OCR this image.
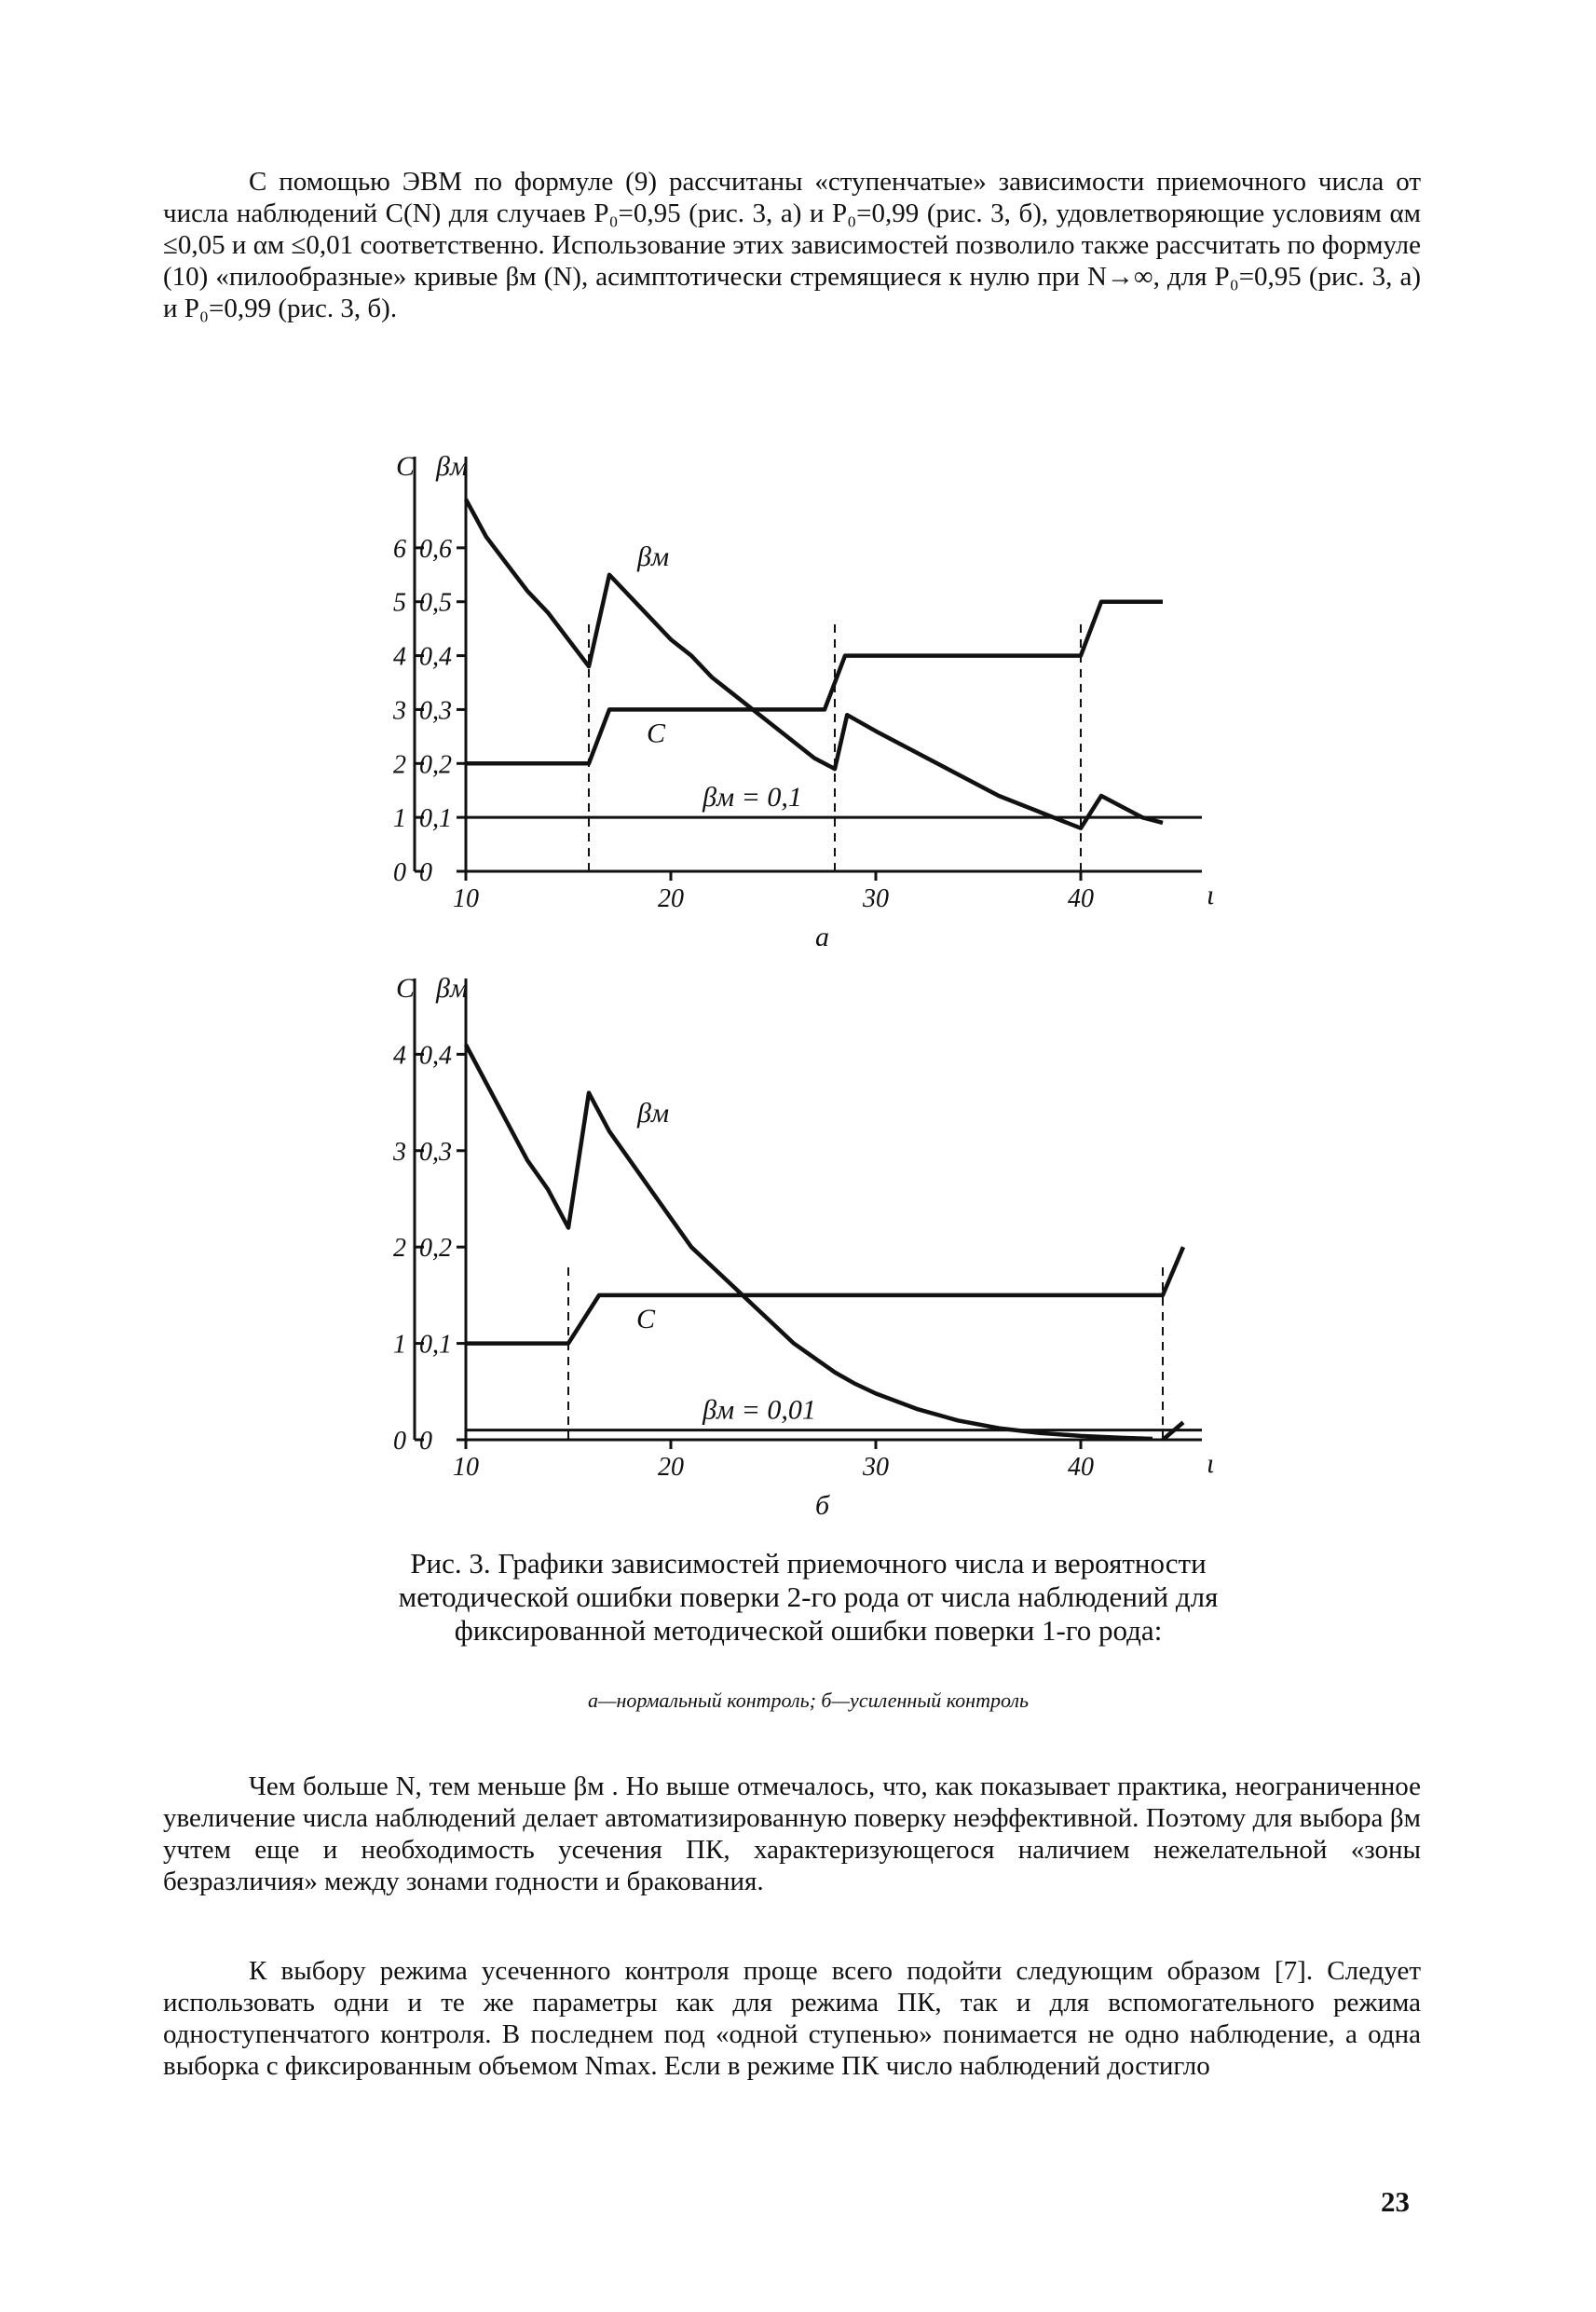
С помощью ЭВМ по формуле (9) рассчитаны «ступенчатые» зависимости приемочного числа от числа наблюдений C(N) для случаев P₀=0,95 (рис. 3, а) и P₀=0,99 (рис. 3, б), удовлетворяющие условиям αм ≤0,05 и αм ≤0,01 соответственно. Использование этих зависимостей позволило также рассчитать по формуле (10) «пилообразные» кривые βм (N), асимптотически стремящиеся к нулю при N→∞, для P₀=0,95 (рис. 3, а) и P₀=0,99 (рис. 3, б).

C βм
ι
10	20	30	40
0
0,1
0,2
0,3
0,4
0,5
0,6
0
1
2
3
4
5
6
βм = 0,1
βм
C
а
C βм
ι
10	20	30	40
0
0,1
0,2
0,3
0,4
0
1
2
3
4
βм = 0,01
βм
C
б

Рис. 3. Графики зависимостей приемочного числа и вероятности методической ошибки поверки 2-го рода от числа наблюдений для фиксированной методической ошибки поверки 1-го рода:

а—нормальный контроль; б—усиленный контроль

Чем больше N, тем меньше βм . Но выше отмечалось, что, как показывает практика, неограниченное увеличение числа наблюдений делает автоматизированную поверку неэффективной. Поэтому для выбора βм учтем еще и необходимость усечения ПК, характеризующегося наличием нежелательной «зоны безразличия» между зонами годности и бракования.

К выбору режима усеченного контроля проще всего подойти следующим образом [7]. Следует использовать одни и те же параметры как для режима ПК, так и для вспомогательного режима одноступенчатого контроля. В последнем под «одной ступенью» понимается не одно наблюдение, а одна выборка с фиксированным объемом Nmax. Если в режиме ПК число наблюдений достигло

23
